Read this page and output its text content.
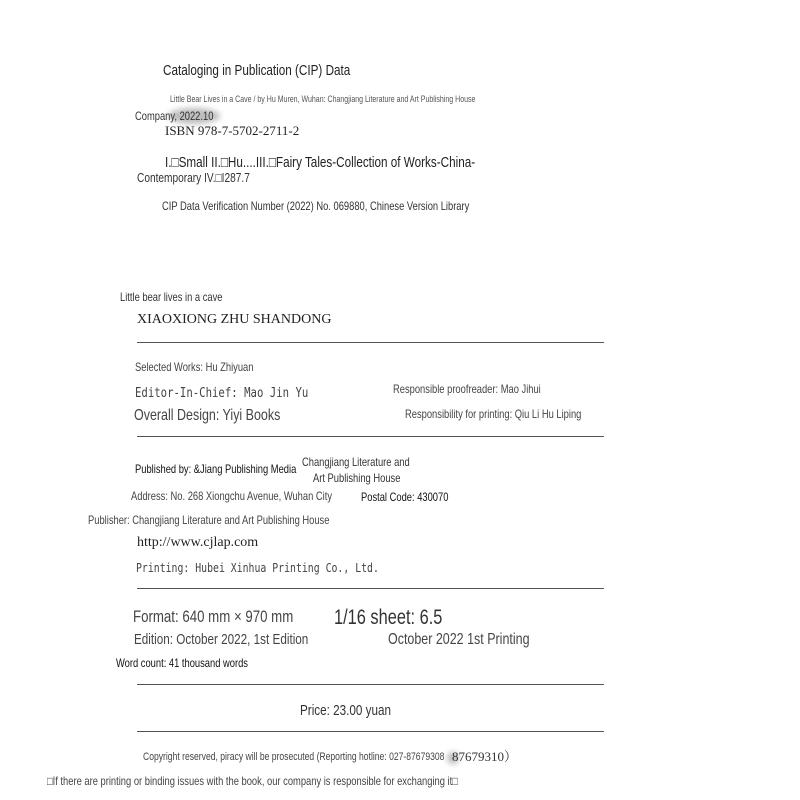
Cataloging in Publication (CIP) Data
Little Bear Lives in a Cave / by Hu Muren, Wuhan: Changjiang Literature and Art Publishing House
Company, 2022.10
ISBN 978-7-5702-2711-2
I.□Small II.□Hu....III.□Fairy Tales-Collection of Works-China-
Contemporary IV.□I287.7
CIP Data Verification Number (2022) No. 069880, Chinese Version Library
Little bear lives in a cave
XIAOXIONG ZHU SHANDONG
Selected Works: Hu Zhiyuan
Editor-In-Chief: Mao Jin Yu	Responsible proofreader: Mao Jihui
Overall Design: Yiyi Books	Responsibility for printing: Qiu Li Hu Liping
Published by: &Jiang Publishing Media Changjiang Literature and
Art Publishing House
Address: No. 268 Xiongchu Avenue, Wuhan City Postal Code: 430070
Publisher: Changjiang Literature and Art Publishing House
http://www.cjlap.com
Printing: Hubei Xinhua Printing Co., Ltd.
Format: 640 mm × 970 mm 1/16 sheet: 6.5
Edition: October 2022, 1st Edition	October 2022 1st Printing
Word count: 41 thousand words
Price: 23.00 yuan
Copyright reserved, piracy will be prosecuted (Reporting hotline: 027-87679308 87679310）
□If there are printing or binding issues with the book, our company is responsible for exchanging it□
